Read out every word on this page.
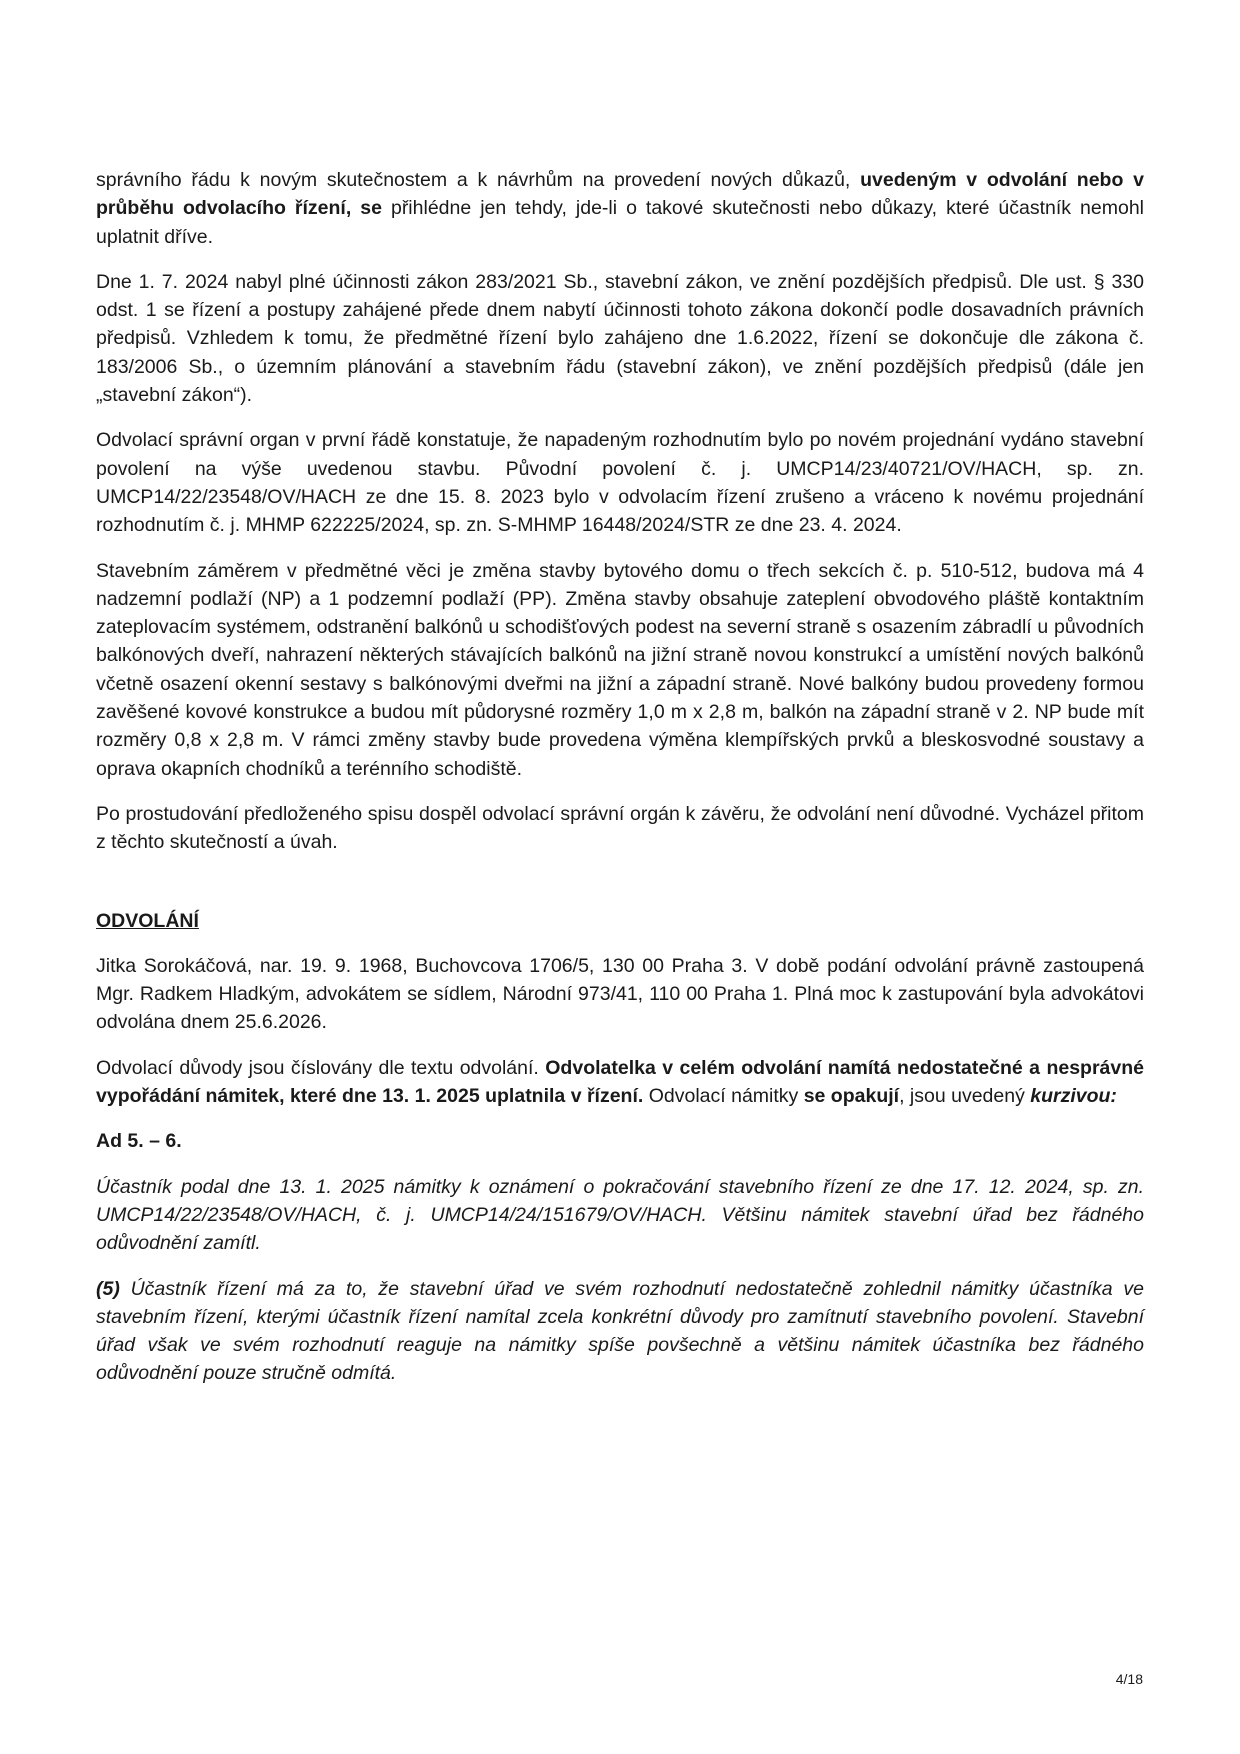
správního řádu k novým skutečnostem a k návrhům na provedení nových důkazů, uvedeným v odvolání nebo v průběhu odvolacího řízení, se přihlédne jen tehdy, jde-li o takové skutečnosti nebo důkazy, které účastník nemohl uplatnit dříve.

Dne 1. 7. 2024 nabyl plné účinnosti zákon 283/2021 Sb., stavební zákon, ve znění pozdějších předpisů. Dle ust. § 330 odst. 1 se řízení a postupy zahájené přede dnem nabytí účinnosti tohoto zákona dokončí podle dosavadních právních předpisů. Vzhledem k tomu, že předmětné řízení bylo zahájeno dne 1.6.2022, řízení se dokončuje dle zákona č. 183/2006 Sb., o územním plánování a stavebním řádu (stavební zákon), ve znění pozdějších předpisů (dále jen „stavební zákon“).

Odvolací správní organ v první řádě konstatuje, že napadeným rozhodnutím bylo po novém projednání vydáno stavební povolení na výše uvedenou stavbu. Původní povolení č. j. UMCP14/23/40721/OV/HACH, sp. zn. UMCP14/22/23548/OV/HACH ze dne 15. 8. 2023 bylo v odvolacím řízení zrušeno a vráceno k novému projednání rozhodnutím č. j. MHMP 622225/2024, sp. zn. S-MHMP 16448/2024/STR ze dne 23. 4. 2024.

Stavebním záměrem v předmětné věci je změna stavby bytového domu o třech sekcích č. p. 510-512, budova má 4 nadzemní podlaží (NP) a 1 podzemní podlaží (PP). Změna stavby obsahuje zateplení obvodového pláště kontaktním zateplovacím systémem, odstranění balkónů u schodišťových podest na severní straně s osazením zábradlí u původních balkónových dveří, nahrazení některých stávajících balkónů na jižní straně novou konstrukcí a umístění nových balkónů včetně osazení okenní sestavy s balkónovými dveřmi na jižní a západní straně. Nové balkóny budou provedeny formou zavěšené kovové konstrukce a budou mít půdorysné rozměry 1,0 m x 2,8 m, balkón na západní straně v 2. NP bude mít rozměry 0,8 x 2,8 m. V rámci změny stavby bude provedena výměna klempířských prvků a bleskosvodné soustavy a oprava okapních chodníků a terénního schodiště.

Po prostudování předloženého spisu dospěl odvolací správní orgán k závěru, že odvolání není důvodné. Vycházel přitom z těchto skutečností a úvah.

ODVOLÁNÍ

Jitka Sorokáčová, nar. 19. 9. 1968, Buchovcova 1706/5, 130 00 Praha 3. V době podání odvolání právně zastoupená Mgr. Radkem Hladkým, advokátem se sídlem, Národní 973/41, 110 00 Praha 1. Plná moc k zastupování byla advokátovi odvolána dnem 25.6.2026.

Odvolací důvody jsou číslovány dle textu odvolání. Odvolatelka v celém odvolání namítá nedostatečné a nesprávné vypořádání námitek, které dne 13. 1. 2025 uplatnila v řízení. Odvolací námitky se opakují, jsou uvedený kurzivou:

Ad 5. – 6.

Účastník podal dne 13. 1. 2025 námitky k oznámení o pokračování stavebního řízení ze dne 17. 12. 2024, sp. zn. UMCP14/22/23548/OV/HACH, č. j. UMCP14/24/151679/OV/HACH. Většinu námitek stavební úřad bez řádného odůvodnění zamítl.

(5) Účastník řízení má za to, že stavební úřad ve svém rozhodnutí nedostatečně zohlednil námitky účastníka ve stavebním řízení, kterými účastník řízení namítal zcela konkrétní důvody pro zamítnutí stavebního povolení. Stavební úřad však ve svém rozhodnutí reaguje na námitky spíše povšechně a většinu námitek účastníka bez řádného odůvodnění pouze stručně odmítá.

4/18
